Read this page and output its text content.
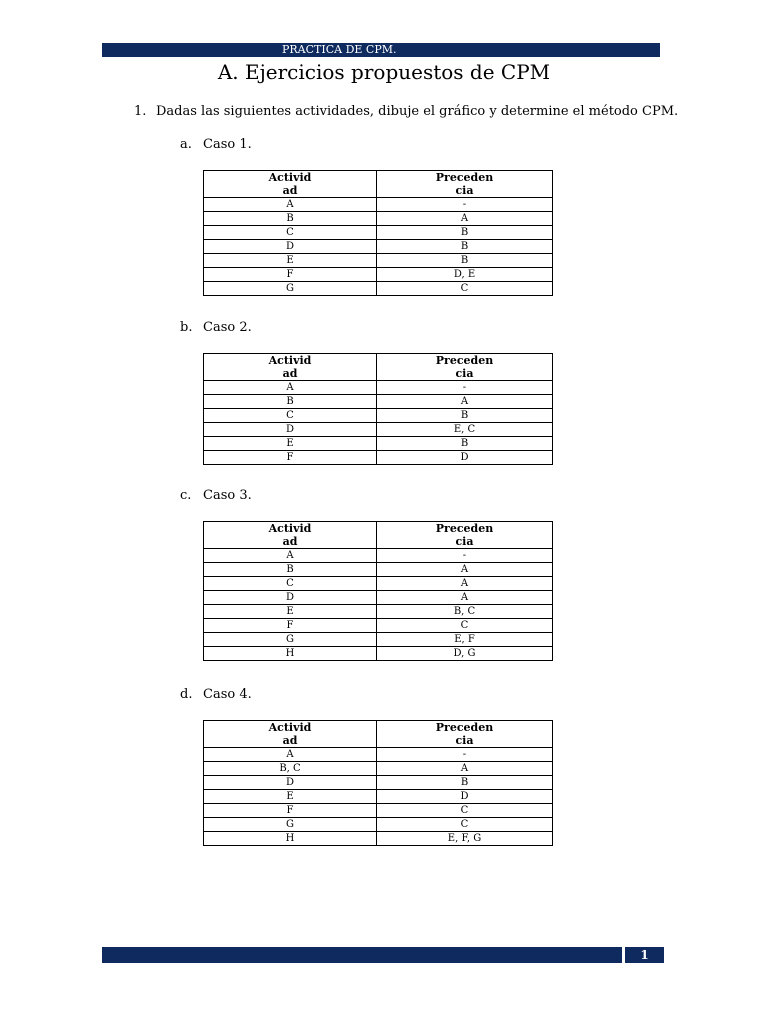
PRACTICA DE CPM.
A. Ejercicios propuestos de CPM
1. Dadas las siguientes actividades, dibuje el gráfico y determine el método CPM.
a. Caso 1.
Activid
ad	Preceden
cia
A	-
B	A
C	B
D	B
E	B
F	D, E
G	C
b. Caso 2.
Activid
ad	Preceden
cia
A	-
B	A
C	B
D	E, C
E	B
F	D
c. Caso 3.
Activid
ad	Preceden
cia
A	-
B	A
C	A
D	A
E	B, C
F	C
G	E, F
H	D, G
d. Caso 4.
Activid
ad	Preceden
cia
A	-
B, C	A
D	B
E	D
F	C
G	C
H	E, F, G
1
